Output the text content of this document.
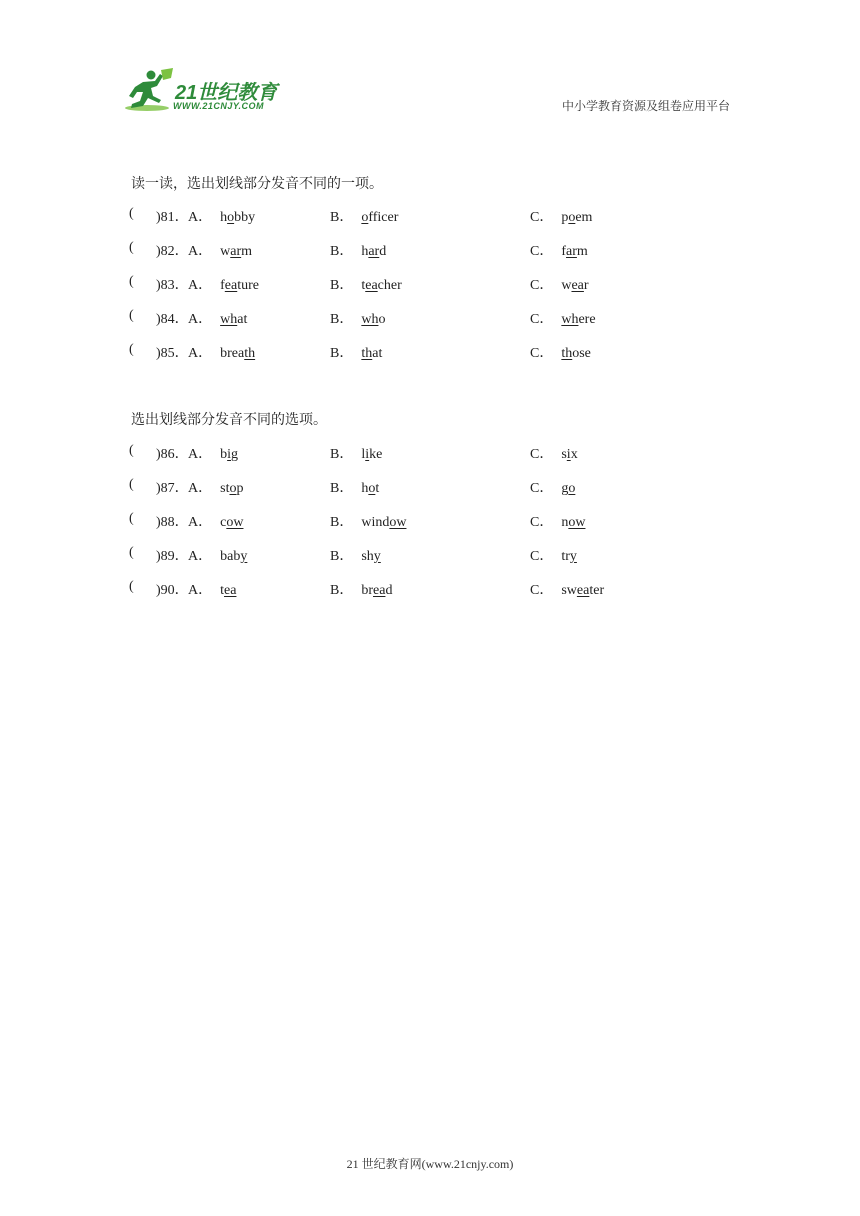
21世纪教育
WWW.21CNJY.COM	中小学教育资源及组卷应用平台
读一读，选出划线部分发音不同的一项。
( )81． A． hobby	B． officer	C． poem
( )82． A． warm	B． hard	C． farm
( )83． A． feature	B． teacher	C． wear
( )84． A． what	B． who	C． where
( )85． A． breath	B． that	C． those
选出划线部分发音不同的选项。
( )86． A． big	B． like	C． six
( )87． A． stop	B． hot	C． go
( )88． A． cow	B． window	C． now
( )89． A． baby	B． shy	C． try
( )90． A． tea	B． bread	C． sweater
21 世纪教育网(www.21cnjy.com)
